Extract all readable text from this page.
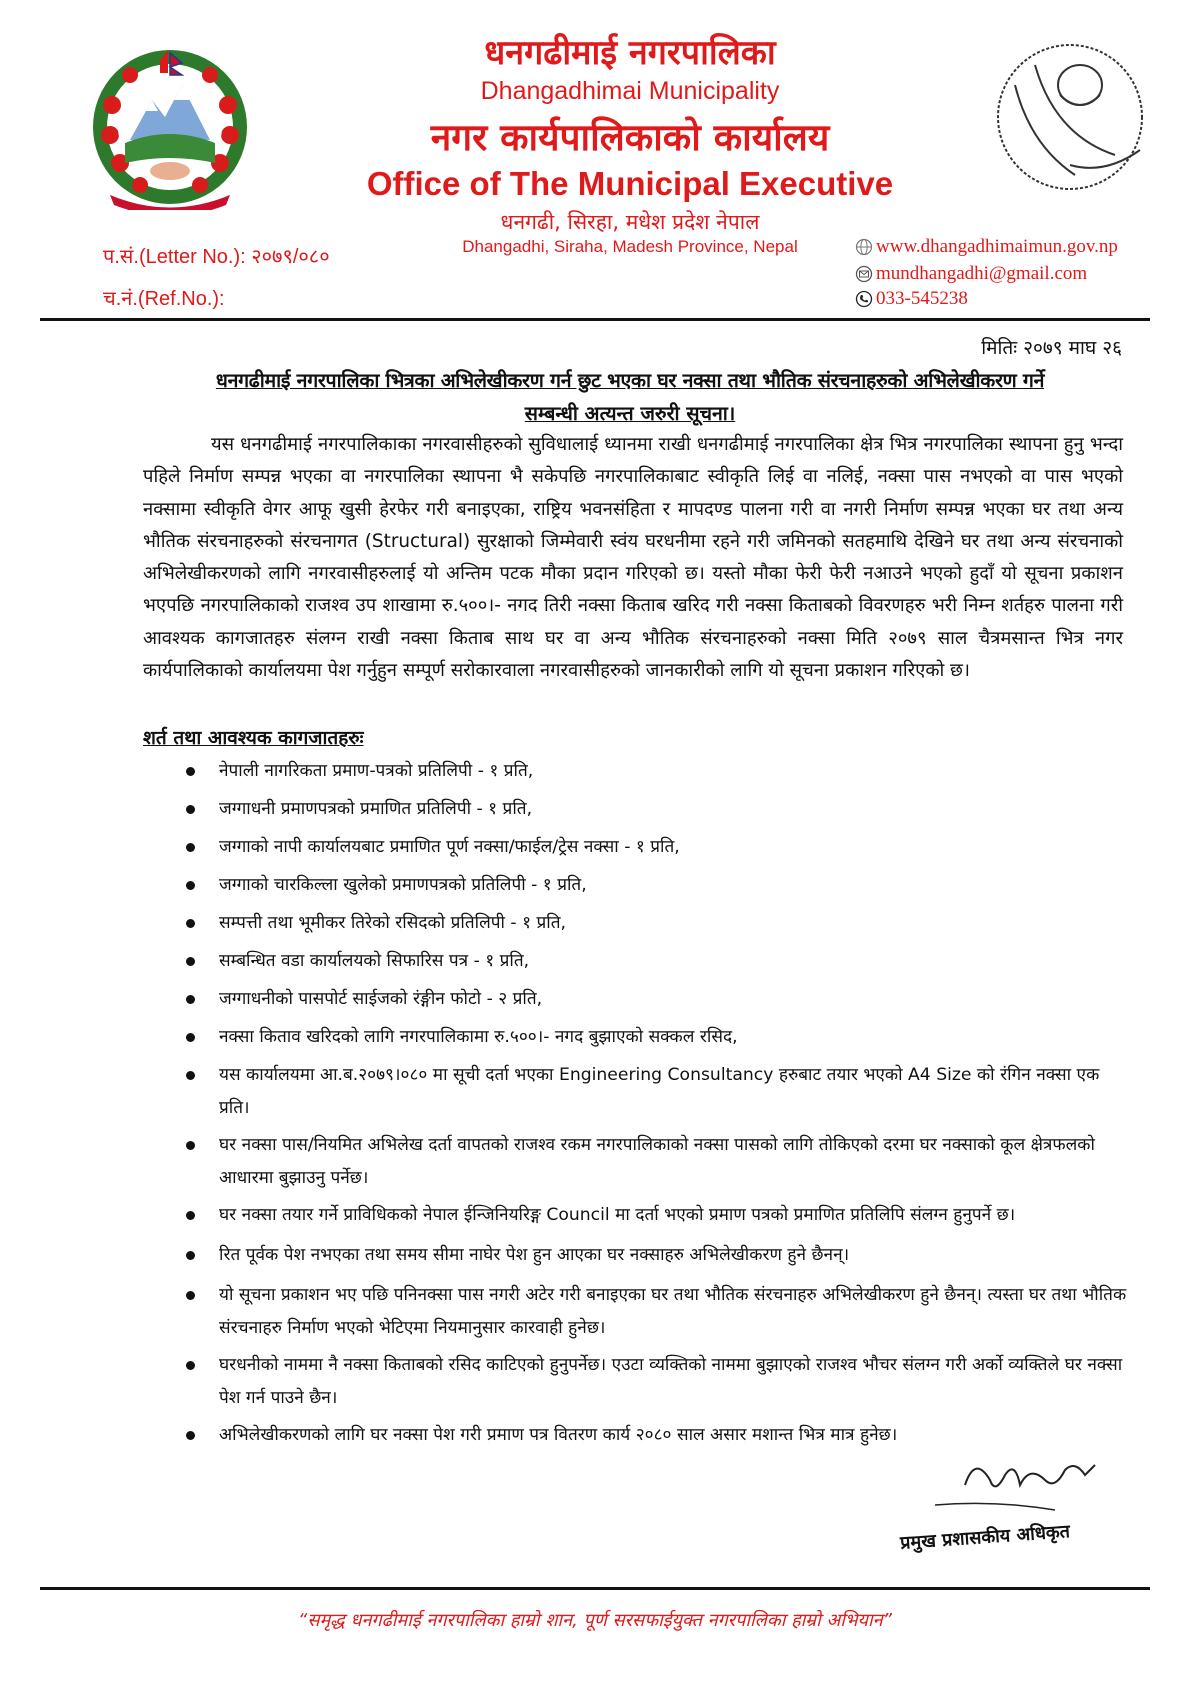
धनगढीमाई नगरपालिका
Dhangadhimai Municipality
नगर कार्यपालिकाको कार्यालय
Office of The Municipal Executive
धनगढी, सिरहा, मधेश प्रदेश नेपाल
Dhangadhi, Siraha, Madesh Province, Nepal
प.सं.(Letter No.): २०७९/०८०
च.नं.(Ref.No.):
www.dhangadhimaimun.gov.np
mundhangadhi@gmail.com
033-545238
मितिः २०७९ माघ २६
धनगढीमाई नगरपालिका भित्रका अभिलेखीकरण गर्न छुट भएका घर नक्सा तथा भौतिक संरचनाहरुको अभिलेखीकरण गर्ने
सम्बन्धी अत्यन्त जरुरी सूचना।
यस धनगढीमाई नगरपालिकाका नगरवासीहरुको सुविधालाई ध्यानमा राखी धनगढीमाई नगरपालिका क्षेत्र भित्र नगरपालिका स्थापना हुनु भन्दा पहिले निर्माण सम्पन्न भएका वा नगरपालिका स्थापना भै सकेपछि नगरपालिकाबाट स्वीकृति लिई वा नलिई, नक्सा पास नभएको वा पास भएको नक्सामा स्वीकृति वेगर आफू खुसी हेरफेर गरी बनाइएका, राष्ट्रिय भवनसंहिता र मापदण्ड पालना गरी वा नगरी निर्माण सम्पन्न भएका घर तथा अन्य भौतिक संरचनाहरुको संरचनागत (Structural) सुरक्षाको जिम्मेवारी स्वंय घरधनीमा रहने गरी जमिनको सतहमाथि देखिने घर तथा अन्य संरचनाको अभिलेखीकरणको लागि नगरवासीहरुलाई यो अन्तिम पटक मौका प्रदान गरिएको छ। यस्तो मौका फेरी फेरी नआउने भएको हुदाँ यो सूचना प्रकाशन भएपछि नगरपालिकाको राजश्व उप शाखामा रु.५००।- नगद तिरी नक्सा किताब खरिद गरी नक्सा किताबको विवरणहरु भरी निम्न शर्तहरु पालना गरी आवश्यक कागजातहरु संलग्न राखी नक्सा किताब साथ घर वा अन्य भौतिक संरचनाहरुको नक्सा मिति २०७९ साल चैत्रमसान्त भित्र नगर कार्यपालिकाको कार्यालयमा पेश गर्नुहुन सम्पूर्ण सरोकारवाला नगरवासीहरुको जानकारीको लागि यो सूचना प्रकाशन गरिएको छ।
शर्त तथा आवश्यक कागजातहरुः
नेपाली नागरिकता प्रमाण-पत्रको प्रतिलिपी - १ प्रति,
जग्गाधनी प्रमाणपत्रको प्रमाणित प्रतिलिपी - १ प्रति,
जग्गाको नापी कार्यालयबाट प्रमाणित पूर्ण नक्सा/फाईल/ट्रेस नक्सा - १ प्रति,
जग्गाको चारकिल्ला खुलेको प्रमाणपत्रको प्रतिलिपी - १ प्रति,
सम्पत्ती तथा भूमीकर तिरेको रसिदको प्रतिलिपी - १ प्रति,
सम्बन्धित वडा कार्यालयको सिफारिस पत्र - १ प्रति,
जग्गाधनीको पासपोर्ट साईजको रंङ्गीन फोटो - २ प्रति,
नक्सा किताव खरिदको लागि नगरपालिकामा रु.५००।- नगद बुझाएको सक्कल रसिद,
यस कार्यालयमा आ.ब.२०७९।०८० मा सूची दर्ता भएका Engineering Consultancy हरुबाट तयार भएको A4 Size को रंगिन नक्सा एक प्रति।
घर नक्सा पास/नियमित अभिलेख दर्ता वापतको राजश्व रकम नगरपालिकाको नक्सा पासको लागि तोकिएको दरमा घर नक्साको कूल क्षेत्रफलको आधारमा बुझाउनु पर्नेछ।
घर नक्सा तयार गर्ने प्राविधिकको नेपाल ईन्जिनियरिङ्ग Council मा दर्ता भएको प्रमाण पत्रको प्रमाणित प्रतिलिपि संलग्न हुनुपर्ने छ।
रित पूर्वक पेश नभएका तथा समय सीमा नाघेर पेश हुन आएका घर नक्साहरु अभिलेखीकरण हुने छैनन्।
यो सूचना प्रकाशन भए पछि पनिनक्सा पास नगरी अटेर गरी बनाइएका घर तथा भौतिक संरचनाहरु अभिलेखीकरण हुने छैनन्। त्यस्ता घर तथा भौतिक संरचनाहरु निर्माण भएको भेटिएमा नियमानुसार कारवाही हुनेछ।
घरधनीको नाममा नै नक्सा किताबको रसिद काटिएको हुनुपर्नेछ। एउटा व्यक्तिको नाममा बुझाएको राजश्व भौचर संलग्न गरी अर्को व्यक्तिले घर नक्सा पेश गर्न पाउने छैन।
अभिलेखीकरणको लागि घर नक्सा पेश गरी प्रमाण पत्र वितरण कार्य २०८० साल असार मशान्त भित्र मात्र हुनेछ।
प्रमुख प्रशासकीय अधिकृत
“समृद्ध धनगढीमाई नगरपालिका हाम्रो शान, पूर्ण सरसफाईयुक्त नगरपालिका हाम्रो अभियान”
